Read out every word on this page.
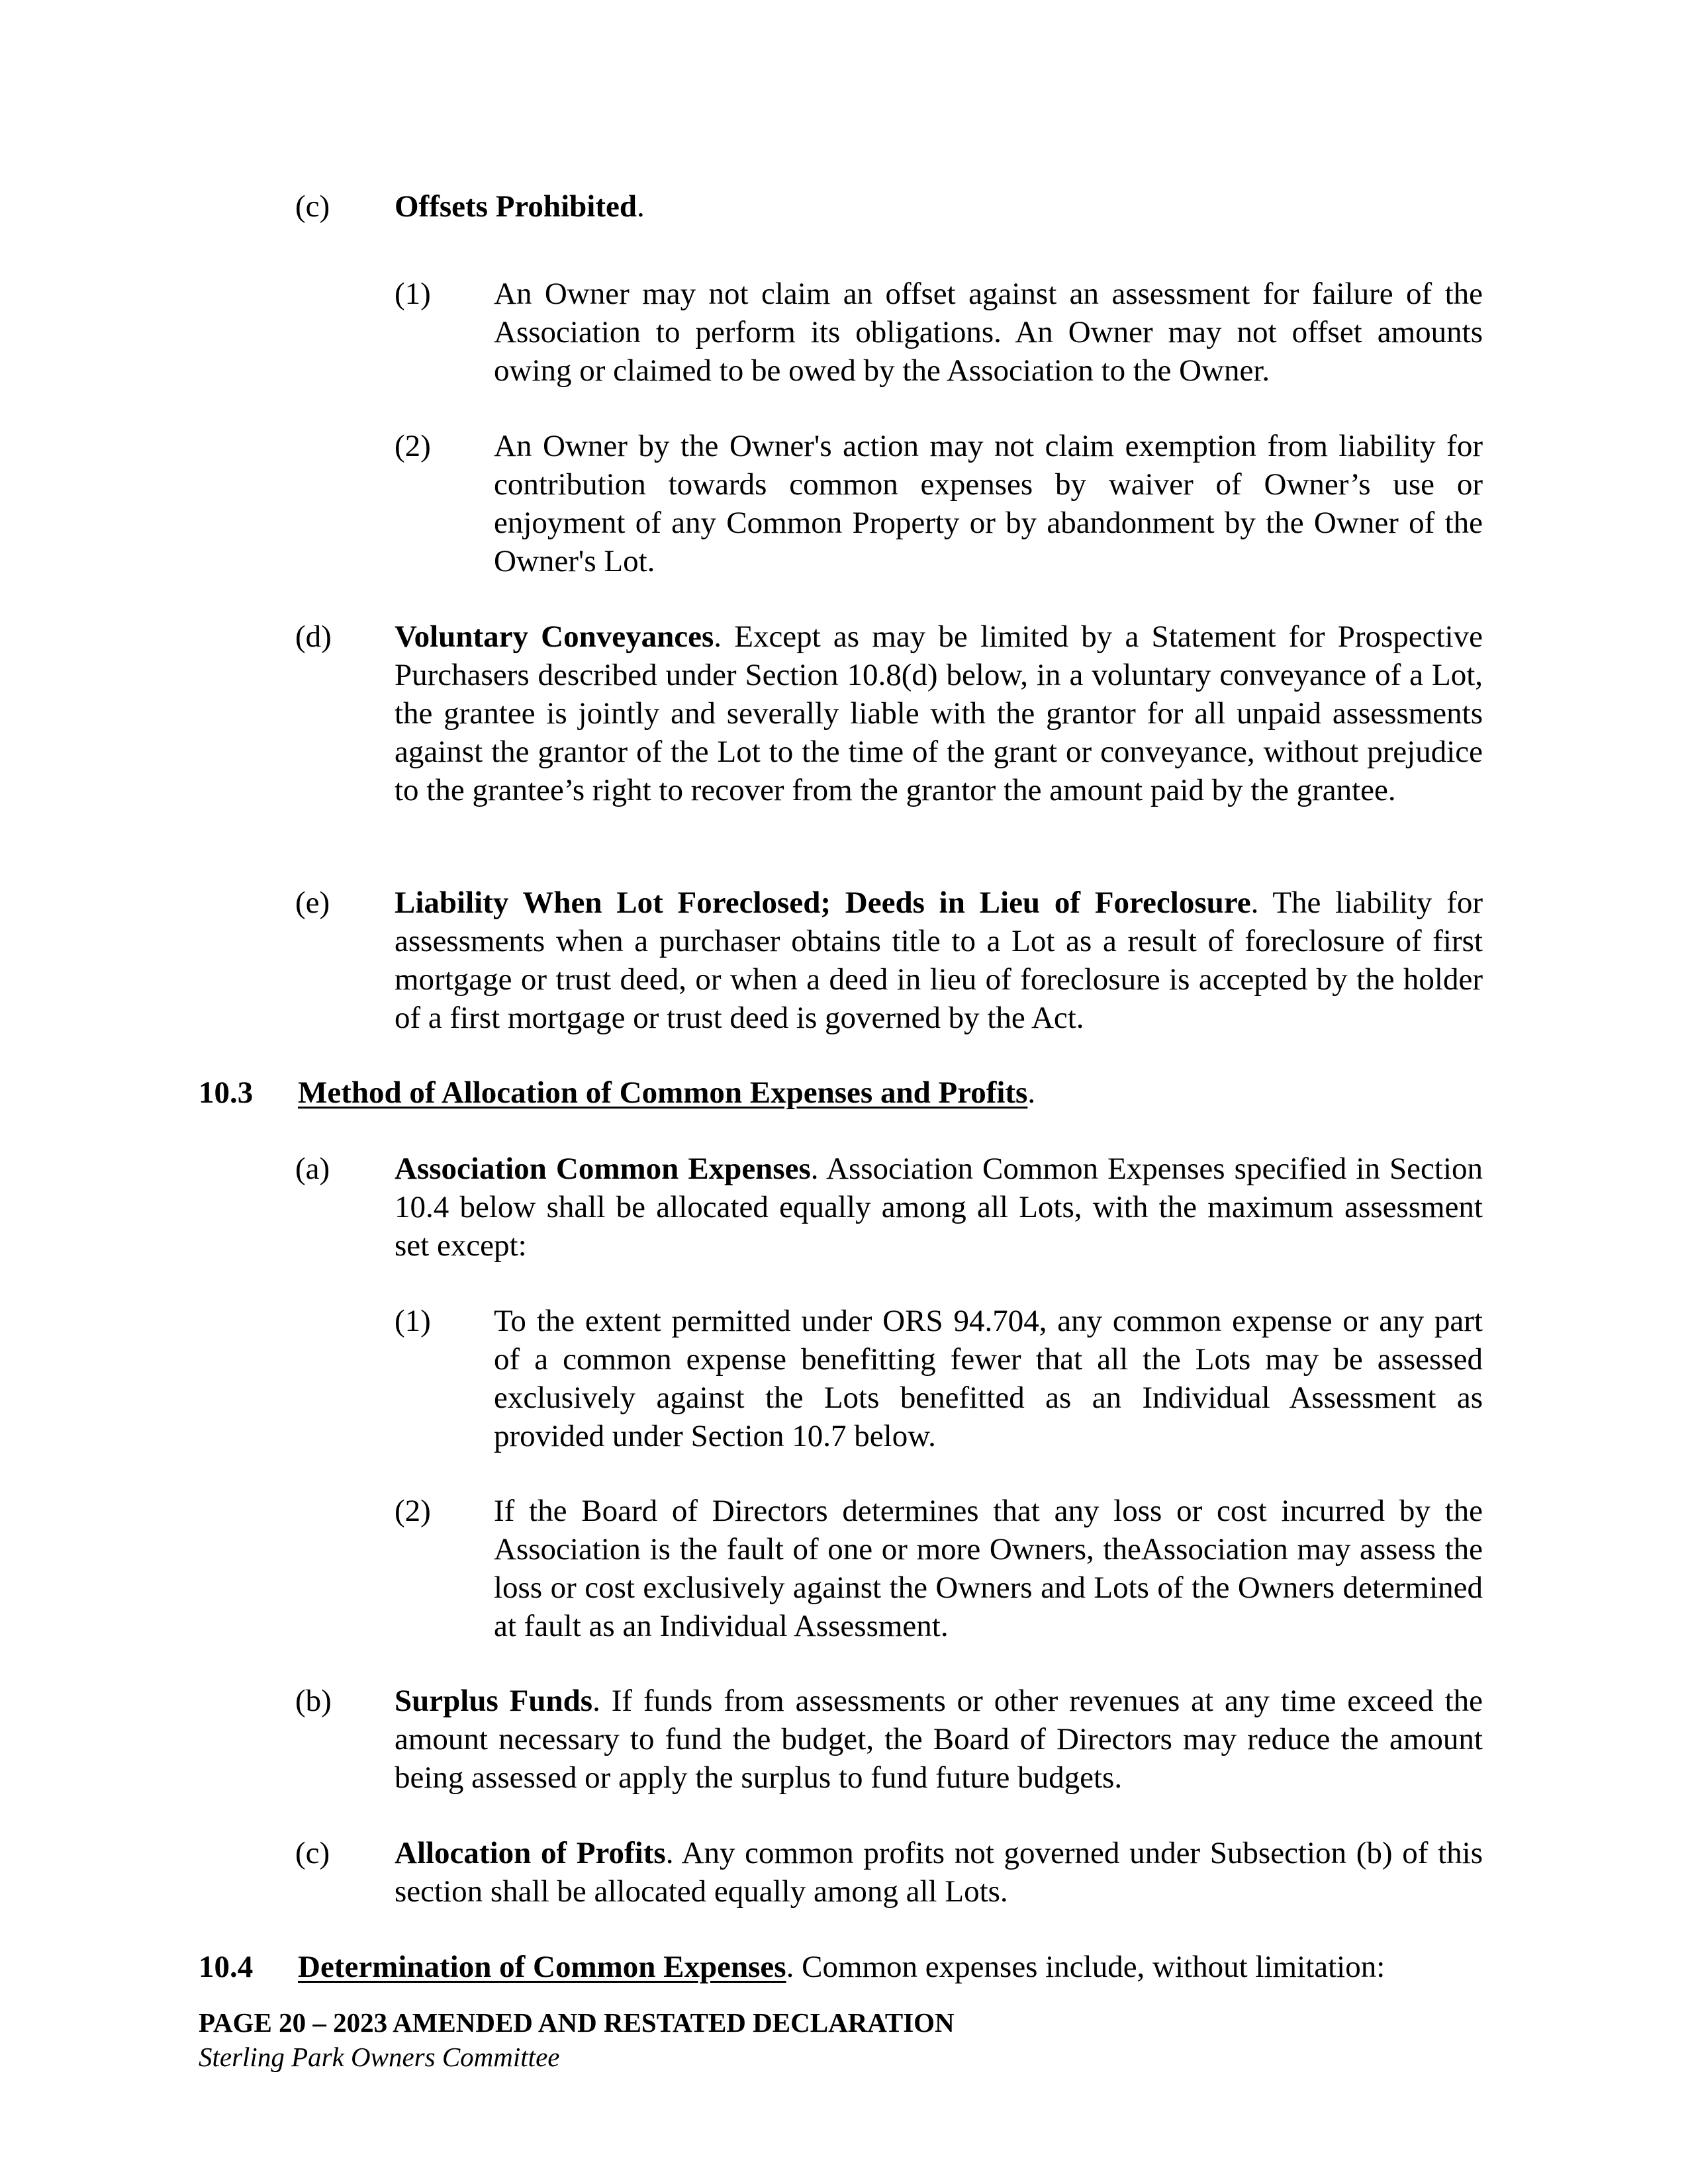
(c) Offsets Prohibited.
(1) An Owner may not claim an offset against an assessment for failure of the Association to perform its obligations. An Owner may not offset amounts owing or claimed to be owed by the Association to the Owner.
(2) An Owner by the Owner's action may not claim exemption from liability for contribution towards common expenses by waiver of Owner’s use or enjoyment of any Common Property or by abandonment by the Owner of the Owner's Lot.
(d) Voluntary Conveyances. Except as may be limited by a Statement for Prospective Purchasers described under Section 10.8(d) below, in a voluntary conveyance of a Lot, the grantee is jointly and severally liable with the grantor for all unpaid assessments against the grantor of the Lot to the time of the grant or conveyance, without prejudice to the grantee’s right to recover from the grantor the amount paid by the grantee.
(e) Liability When Lot Foreclosed; Deeds in Lieu of Foreclosure. The liability for assessments when a purchaser obtains title to a Lot as a result of foreclosure of first mortgage or trust deed, or when a deed in lieu of foreclosure is accepted by the holder of a first mortgage or trust deed is governed by the Act.
10.3 Method of Allocation of Common Expenses and Profits.
(a) Association Common Expenses. Association Common Expenses specified in Section 10.4 below shall be allocated equally among all Lots, with the maximum assessment set except:
(1) To the extent permitted under ORS 94.704, any common expense or any part of a common expense benefitting fewer that all the Lots may be assessed exclusively against the Lots benefitted as an Individual Assessment as provided under Section 10.7 below.
(2) If the Board of Directors determines that any loss or cost incurred by the Association is the fault of one or more Owners, theAssociation may assess the loss or cost exclusively against the Owners and Lots of the Owners determined at fault as an Individual Assessment.
(b) Surplus Funds. If funds from assessments or other revenues at any time exceed the amount necessary to fund the budget, the Board of Directors may reduce the amount being assessed or apply the surplus to fund future budgets.
(c) Allocation of Profits. Any common profits not governed under Subsection (b) of this section shall be allocated equally among all Lots.
10.4 Determination of Common Expenses. Common expenses include, without limitation:
PAGE 20 – 2023 AMENDED AND RESTATED DECLARATION
Sterling Park Owners Committee
